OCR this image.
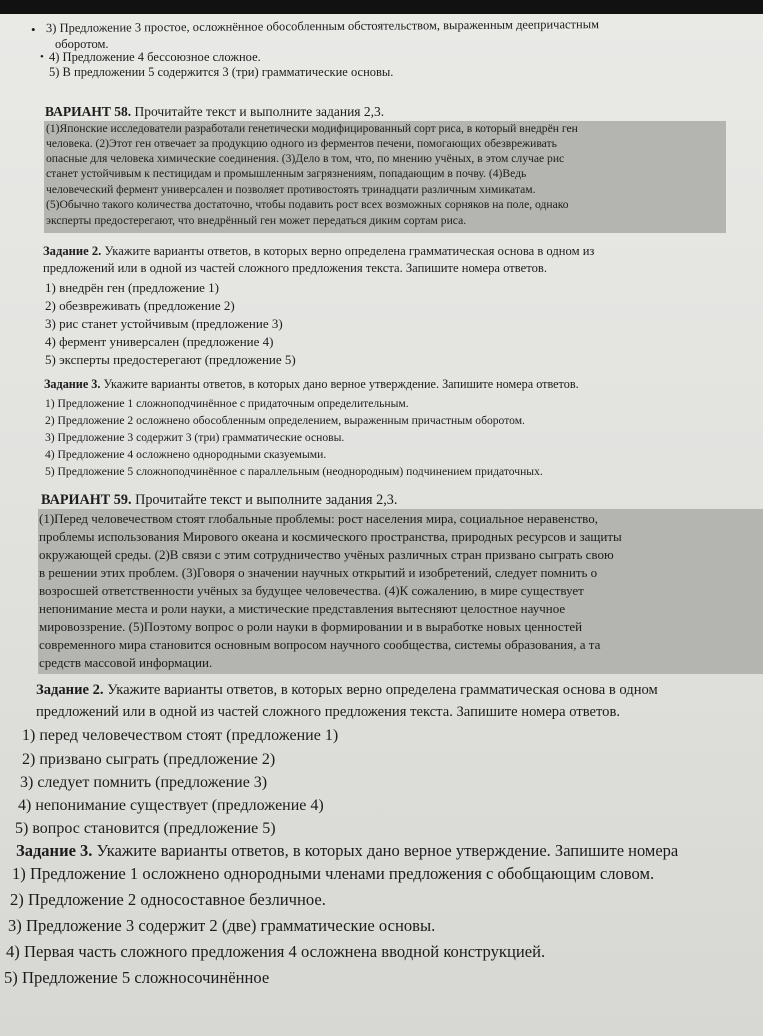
• 3) Предложение 3 простое, осложнённое обособленным обстоятельством, выраженным деепричастным
оборотом.
• 4) Предложение 4 бессоюзное сложное.
5) В предложении 5 содержится 3 (три) грамматические основы.
ВАРИАНТ 58. Прочитайте текст и выполните задания 2,3.
(1)Японские исследователи разработали генетически модифицированный сорт риса, в который внедрён ген
человека. (2)Этот ген отвечает за продукцию одного из ферментов печени, помогающих обезвреживать
опасные для человека химические соединения. (3)Дело в том, что, по мнению учёных, в этом случае рис
станет устойчивым к пестицидам и промышленным загрязнениям, попадающим в почву. (4)Ведь
человеческий фермент универсален и позволяет противостоять тринадцати различным химикатам.
(5)Обычно такого количества достаточно, чтобы подавить рост всех возможных сорняков на поле, однако
эксперты предостерегают, что внедрённый ген может передаться диким сортам риса.
Задание 2. Укажите варианты ответов, в которых верно определена грамматическая основа в одном из
предложений или в одной из частей сложного предложения текста. Запишите номера ответов.
1) внедрён ген (предложение 1)
2) обезвреживать (предложение 2)
3) рис станет устойчивым (предложение 3)
4) фермент универсален (предложение 4)
5) эксперты предостерегают (предложение 5)
Задание 3. Укажите варианты ответов, в которых дано верное утверждение. Запишите номера ответов.
1) Предложение 1 сложноподчинённое с придаточным определительным.
2) Предложение 2 осложнено обособленным определением, выраженным причастным оборотом.
3) Предложение 3 содержит 3 (три) грамматические основы.
4) Предложение 4 осложнено однородными сказуемыми.
5) Предложение 5 сложноподчинённое с параллельным (неоднородным) подчинением придаточных.
ВАРИАНТ 59. Прочитайте текст и выполните задания 2,3.
(1)Перед человечеством стоят глобальные проблемы: рост населения мира, социальное неравенство,
проблемы использования Мирового океана и космического пространства, природных ресурсов и защиты
окружающей среды. (2)В связи с этим сотрудничество учёных различных стран призвано сыграть свою
в решении этих проблем. (3)Говоря о значении научных открытий и изобретений, следует помнить о
возросшей ответственности учёных за будущее человечества. (4)К сожалению, в мире существует
непонимание места и роли науки, а мистические представления вытесняют целостное научное
мировоззрение. (5)Поэтому вопрос о роли науки в формировании и в выработке новых ценностей
современного мира становится основным вопросом научного сообщества, системы образования, а та
средств массовой информации.
Задание 2. Укажите варианты ответов, в которых верно определена грамматическая основа в одном
предложений или в одной из частей сложного предложения текста. Запишите номера ответов.
1) перед человечеством стоят (предложение 1)
2) призвано сыграть (предложение 2)
3) следует помнить (предложение 3)
4) непонимание существует (предложение 4)
5) вопрос становится (предложение 5)
Задание 3. Укажите варианты ответов, в которых дано верное утверждение. Запишите номера
1) Предложение 1 осложнено однородными членами предложения с обобщающим словом.
2) Предложение 2 односоставное безличное.
3) Предложение 3 содержит 2 (две) грамматические основы.
4) Первая часть сложного предложения 4 осложнена вводной конструкцией.
5) Предложение 5 сложносочинённое
